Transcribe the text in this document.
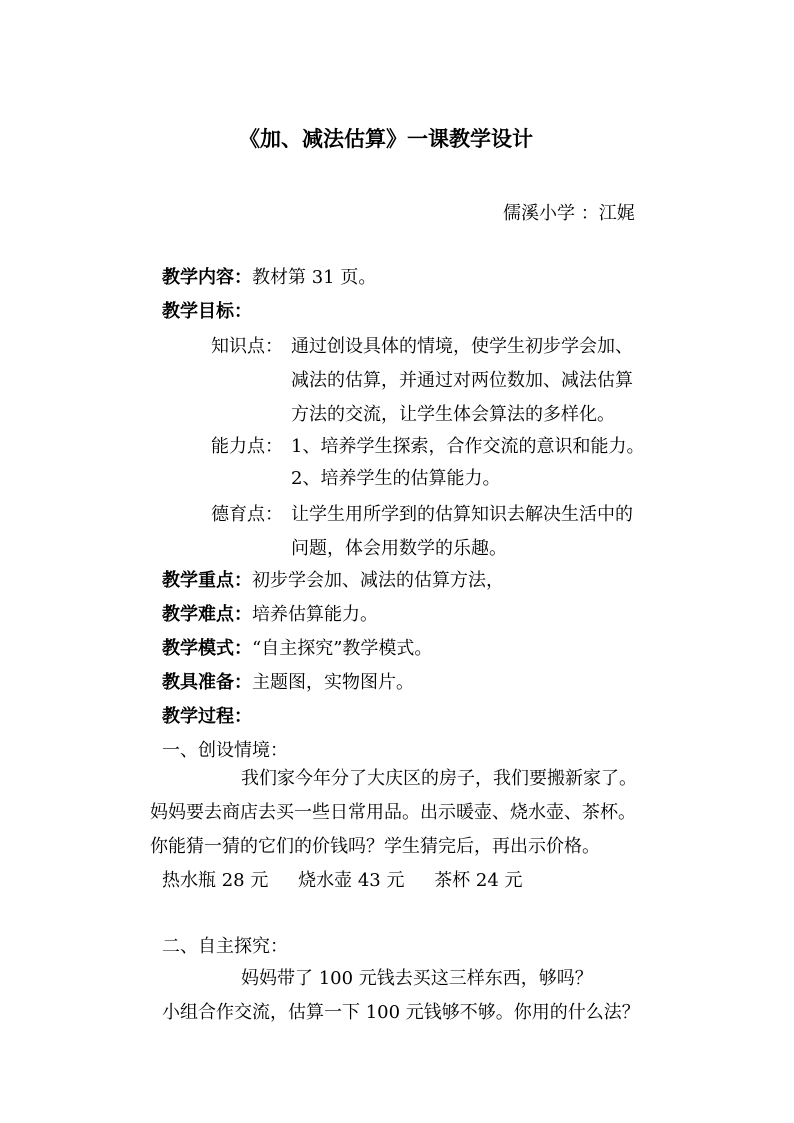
《加、减法估算》一课教学设计
儒溪小学 ：江娓
教学内容：教材第 31 页。
教学目标：
知识点： 通过创设具体的情境，使学生初步学会加、
减法的估算，并通过对两位数加、减法估算
方法的交流，让学生体会算法的多样化。
能力点： 1、培养学生探索，合作交流的意识和能力。
2、培养学生的估算能力。
德育点： 让学生用所学到的估算知识去解决生活中的
问题，体会用数学的乐趣。
教学重点：初步学会加、减法的估算方法，
教学难点：培养估算能力。
教学模式：“自主探究”教学模式。
教具准备：主题图，实物图片。
教学过程：
一、创设情境：
我们家今年分了大庆区的房子，我们要搬新家了。
妈妈要去商店去买一些日常用品。出示暖壶、烧水壶、茶杯。
你能猜一猜的它们的价钱吗？学生猜完后，再出示价格。
热水瓶 28 元 烧水壶 43 元 茶杯 24 元
二、自主探究：
妈妈带了 100 元钱去买这三样东西，够吗？
小组合作交流，估算一下 100 元钱够不够。你用的什么法？
